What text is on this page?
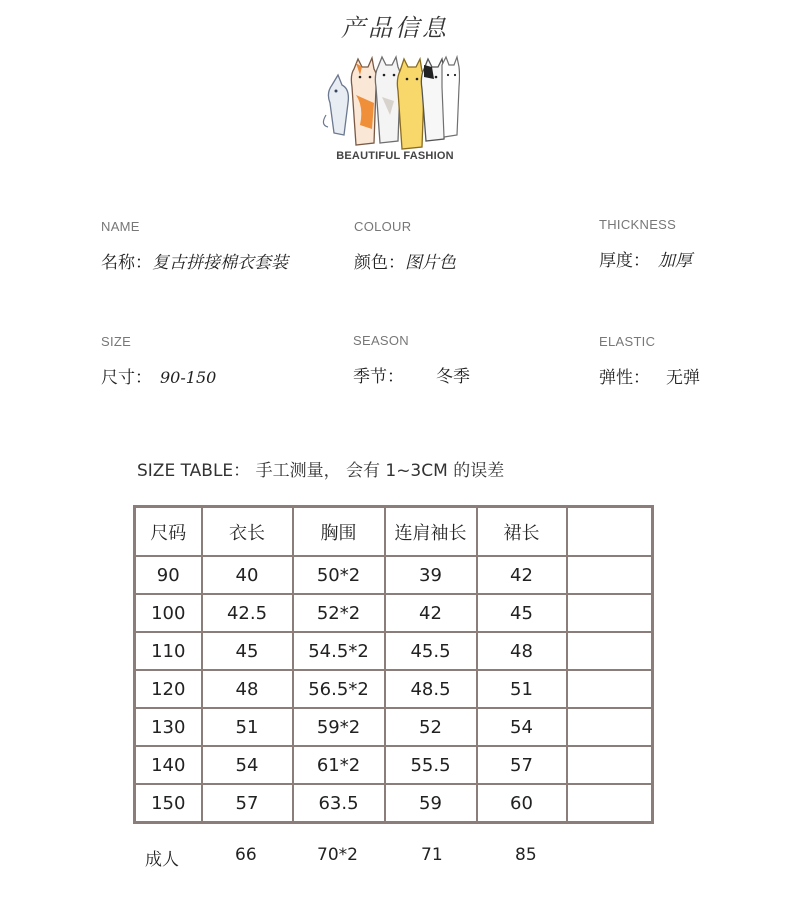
产品信息
BEAUTIFUL FASHION
NAME
名称：复古拼接棉衣套装
COLOUR
颜色：图片色
THICKNESS
厚度： 加厚
SIZE
尺寸： 90-150
SEASON
季节： 冬季
ELASTIC
弹性： 无弹
SIZE TABLE： 手工测量， 会有 1~3CM 的误差
尺码	衣长	胸围	连肩袖长	裙长	
90	40	50*2	39	42	
100	42.5	52*2	42	45	
110	45	54.5*2	45.5	48	
120	48	56.5*2	48.5	51	
130	51	59*2	52	54	
140	54	61*2	55.5	57	
150	57	63.5	59	60	
成人	66	70*2	71	85
